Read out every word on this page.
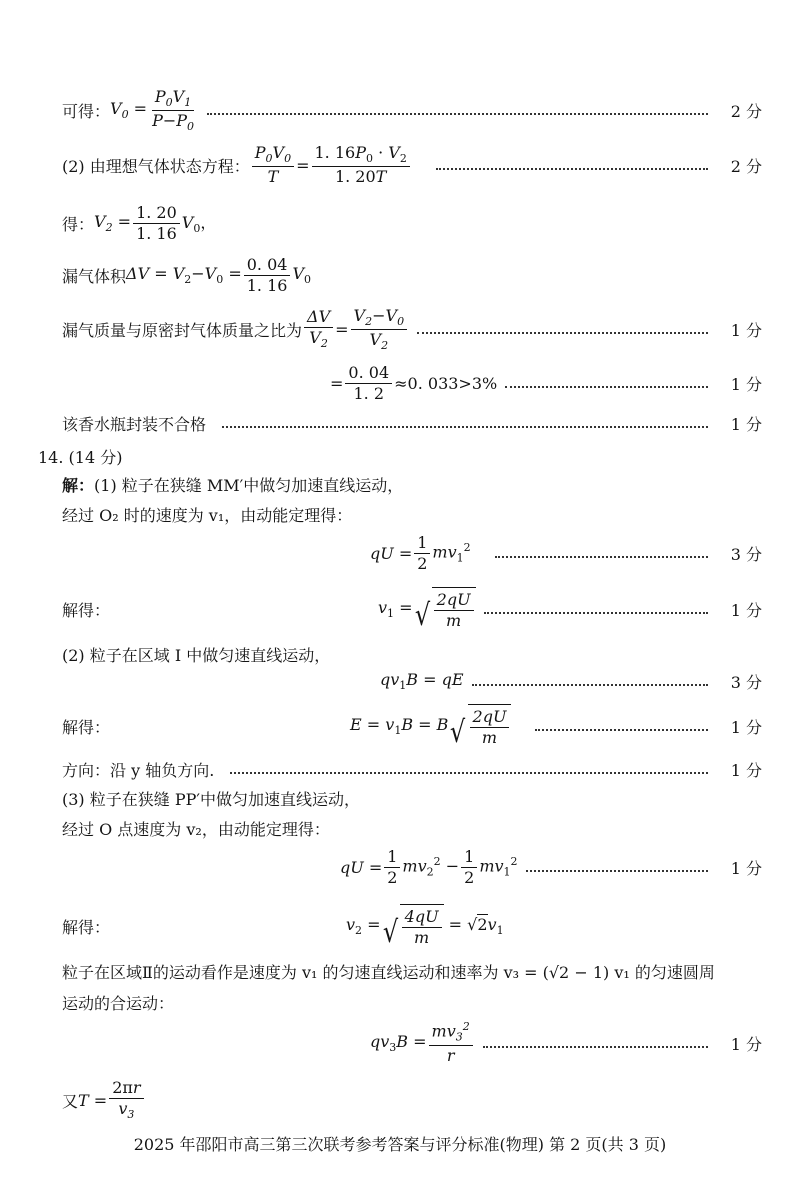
可得： $V_0 = \frac{P_0V_1}{P-P_0}$	2 分
(2) 由理想气体状态方程： $\frac{P_0V_0}{T} = \frac{1. 16P_0 \cdot V_2}{1. 20T}$	2 分
得： $V_2 = \frac{1. 20}{1. 16} V_0$，
漏气体积 $\Delta V = V_2-V_0 = \frac{0. 04}{1. 16} V_0$
漏气质量与原密封气体质量之比为 $\frac{\Delta V}{V_2} = \frac{V_2-V_0}{V_2}$	1 分
= $\frac{0. 04}{1. 2} \approx 0$. 033>3%	1 分
该香水瓶封装不合格	1 分
14. (14 分)
解： (1) 粒子在狭缝 MM′中做匀加速直线运动，
经过 O₂ 时的速度为 v₁，由动能定理得：
qU = $\frac{1}{2} mv_1^2$	3 分
解得：	$v_1$ = √ $\frac{2qU}{m}$	1 分
(2) 粒子在区域 Ⅰ 中做匀速直线运动，
$qv_1B$ = qE	3 分
解得：	$E = v_1B = B$ √ $\frac{2qU}{m}$	1 分
方向：沿 y 轴负方向.	1 分
(3) 粒子在狭缝 PP′中做匀加速直线运动，
经过 O 点速度为 v₂，由动能定理得：
qU = $\frac{1}{2} mv_2^2 - \frac{1}{2} mv_1^2$	1 分
解得：	$v_2$ = √ $\frac{4qU}{m} = √2v_1$
粒子在区域Ⅱ的运动看作是速度为 v₁ 的匀速直线运动和速率为 v₃ = (√2 − 1) v₁ 的匀速圆周
运动的合运动：
$qv_3B = \frac{mv_3^2}{r}$	1 分
又 $T = \frac{2\pi r}{v_3}$
2025 年邵阳市高三第三次联考参考答案与评分标准(物理) 第 2 页(共 3 页)
